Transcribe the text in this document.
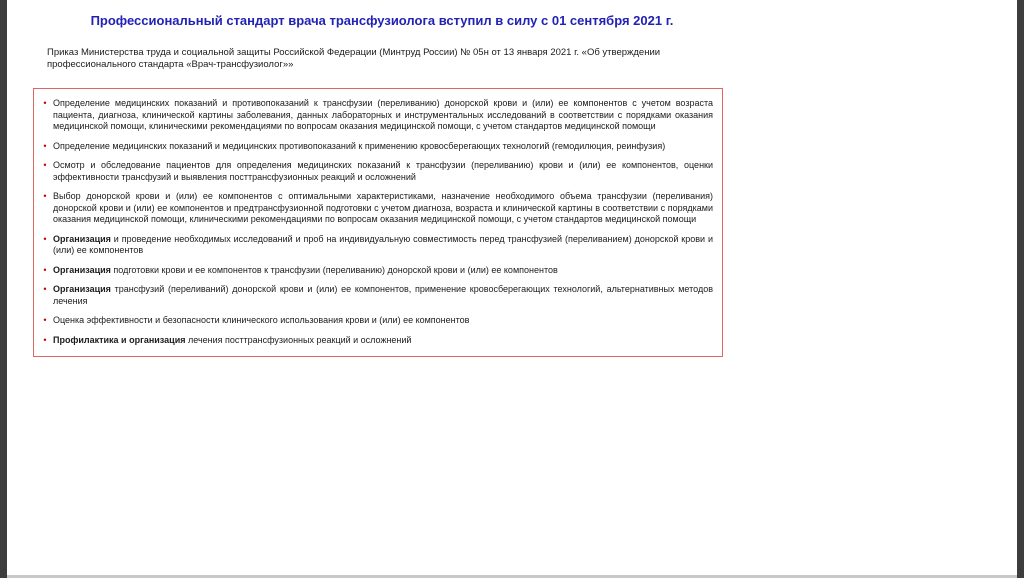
Профессиональный стандарт врача трансфузиолога вступил в силу с 01 сентября 2021 г.
Приказ Министерства труда и социальной защиты Российской Федерации (Минтруд России) № 05н от 13 января 2021 г. «Об утверждении профессионального стандарта «Врач-трансфузиолог»»
• Определение медицинских показаний и противопоказаний к трансфузии (переливанию) донорской крови и (или) ее компонентов с учетом возраста пациента, диагноза, клинической картины заболевания, данных лабораторных и инструментальных исследований в соответствии с порядками оказания медицинской помощи, клиническими рекомендациями по вопросам оказания медицинской помощи, с учетом стандартов медицинской помощи
• Определение медицинских показаний и медицинских противопоказаний к применению кровосберегающих технологий (гемодилюция, реинфузия)
• Осмотр и обследование пациентов для определения медицинских показаний к трансфузии (переливанию) крови и (или) ее компонентов, оценки эффективности трансфузий и выявления посттрансфузионных реакций и осложнений
• Выбор донорской крови и (или) ее компонентов с оптимальными характеристиками, назначение необходимого объема трансфузии (переливания) донорской крови и (или) ее компонентов и предтрансфузионной подготовки с учетом диагноза, возраста и клинической картины в соответствии с порядками оказания медицинской помощи, клиническими рекомендациями по вопросам оказания медицинской помощи, с учетом стандартов медицинской помощи
• Организация и проведение необходимых исследований и проб на индивидуальную совместимость перед трансфузией (переливанием) донорской крови и (или) ее компонентов
• Организация подготовки крови и ее компонентов к трансфузии (переливанию) донорской крови и (или) ее компонентов
• Организация трансфузий (переливаний) донорской крови и (или) ее компонентов, применение кровосберегающих технологий, альтернативных методов лечения
• Оценка эффективности и безопасности клинического использования крови и (или) ее компонентов
• Профилактика и организация лечения посттрансфузионных реакций и осложнений
